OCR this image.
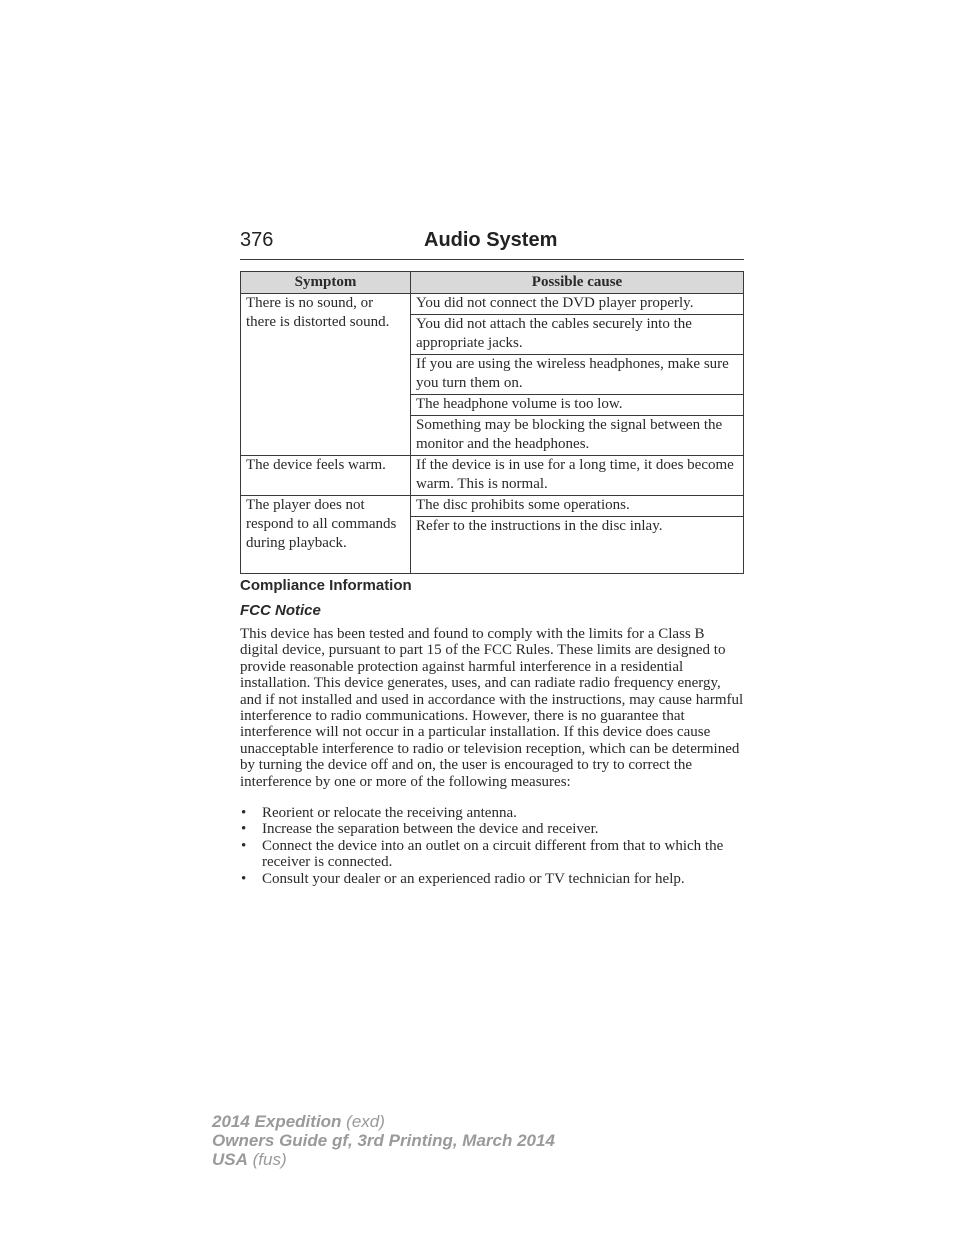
376	Audio System
Symptom	Possible cause
There is no sound, or there is distorted sound.	You did not connect the DVD player properly.
	You did not attach the cables securely into the appropriate jacks.
	If you are using the wireless headphones, make sure you turn them on.
	The headphone volume is too low.
	Something may be blocking the signal between the monitor and the headphones.
The device feels warm.	If the device is in use for a long time, it does become warm. This is normal.
The player does not respond to all commands during playback.	The disc prohibits some operations.
	Refer to the instructions in the disc inlay.
Compliance Information
FCC Notice

This device has been tested and found to comply with the limits for a Class B digital device, pursuant to part 15 of the FCC Rules. These limits are designed to provide reasonable protection against harmful interference in a residential installation. This device generates, uses, and can radiate radio frequency energy, and if not installed and used in accordance with the instructions, may cause harmful interference to radio communications. However, there is no guarantee that interference will not occur in a particular installation. If this device does cause unacceptable interference to radio or television reception, which can be determined by turning the device off and on, the user is encouraged to try to correct the interference by one or more of the following measures:

• Reorient or relocate the receiving antenna.
• Increase the separation between the device and receiver.
• Connect the device into an outlet on a circuit different from that to which the receiver is connected.
• Consult your dealer or an experienced radio or TV technician for help.
2014 Expedition (exd)
Owners Guide gf, 3rd Printing, March 2014
USA (fus)
